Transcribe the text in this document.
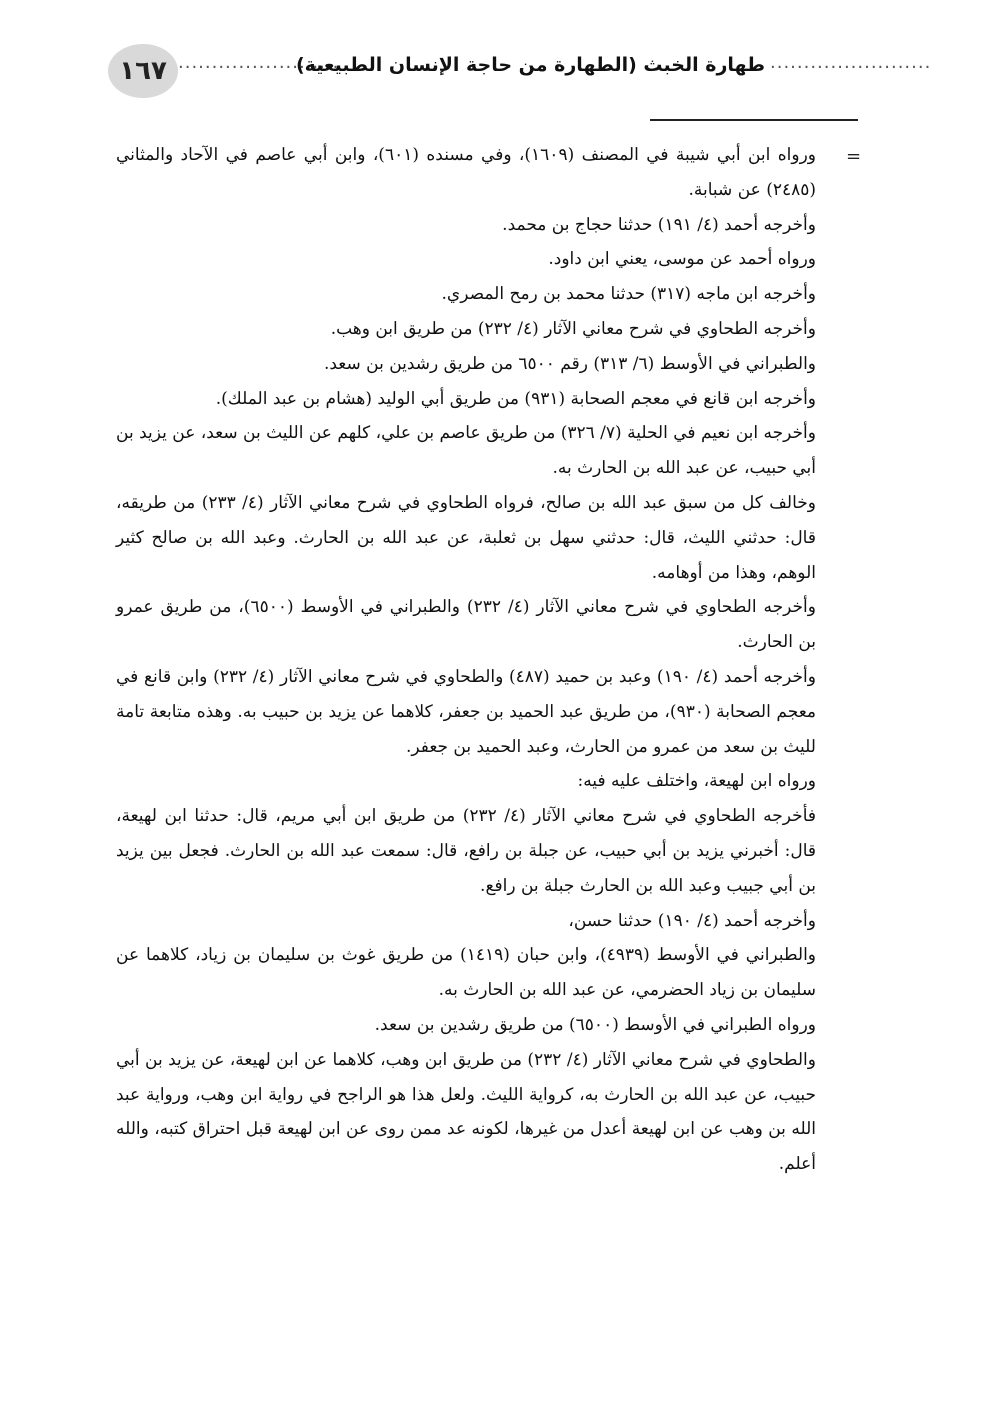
١٦٧ ........................
طهارة الخبث (الطهارة من حاجة الإنسان الطبيعية) ........................
=

ورواه ابن أبي شيبة في المصنف (١٦٠٩)، وفي مسنده (٦٠١)، وابن أبي عاصم في الآحاد والمثاني (٢٤٨٥) عن شبابة.

وأخرجه أحمد (٤/ ١٩١) حدثنا حجاج بن محمد.

ورواه أحمد عن موسى، يعني ابن داود.

وأخرجه ابن ماجه (٣١٧) حدثنا محمد بن رمح المصري.

وأخرجه الطحاوي في شرح معاني الآثار (٤/ ٢٣٢) من طريق ابن وهب.

والطبراني في الأوسط (٦/ ٣١٣) رقم ٦٥٠٠ من طريق رشدين بن سعد.

وأخرجه ابن قانع في معجم الصحابة (٩٣١) من طريق أبي الوليد (هشام بن عبد الملك).

وأخرجه ابن نعيم في الحلية (٧/ ٣٢٦) من طريق عاصم بن علي، كلهم عن الليث بن سعد، عن يزيد بن أبي حبيب، عن عبد الله بن الحارث به.

وخالف كل من سبق عبد الله بن صالح، فرواه الطحاوي في شرح معاني الآثار (٤/ ٢٣٣) من طريقه، قال: حدثني الليث، قال: حدثني سهل بن ثعلبة، عن عبد الله بن الحارث. وعبد الله بن صالح كثير الوهم، وهذا من أوهامه.

وأخرجه الطحاوي في شرح معاني الآثار (٤/ ٢٣٢) والطبراني في الأوسط (٦٥٠٠)، من طريق عمرو بن الحارث.

وأخرجه أحمد (٤/ ١٩٠) وعبد بن حميد (٤٨٧) والطحاوي في شرح معاني الآثار (٤/ ٢٣٢) وابن قانع في معجم الصحابة (٩٣٠)، من طريق عبد الحميد بن جعفر، كلاهما عن يزيد بن حبيب به. وهذه متابعة تامة لليث بن سعد من عمرو من الحارث، وعبد الحميد بن جعفر.

ورواه ابن لهيعة، واختلف عليه فيه:

فأخرجه الطحاوي في شرح معاني الآثار (٤/ ٢٣٢) من طريق ابن أبي مريم، قال: حدثنا ابن لهيعة، قال: أخبرني يزيد بن أبي حبيب، عن جبلة بن رافع، قال: سمعت عبد الله بن الحارث. فجعل بين يزيد بن أبي جبيب وعبد الله بن الحارث جبلة بن رافع.

وأخرجه أحمد (٤/ ١٩٠) حدثنا حسن،

والطبراني في الأوسط (٤٩٣٩)، وابن حبان (١٤١٩) من طريق غوث بن سليمان بن زياد، كلاهما عن سليمان بن زياد الحضرمي، عن عبد الله بن الحارث به.

ورواه الطبراني في الأوسط (٦٥٠٠) من طريق رشدين بن سعد.

والطحاوي في شرح معاني الآثار (٤/ ٢٣٢) من طريق ابن وهب، كلاهما عن ابن لهيعة، عن يزيد بن أبي حبيب، عن عبد الله بن الحارث به، كرواية الليث. ولعل هذا هو الراجح في رواية ابن وهب، ورواية عبد الله بن وهب عن ابن لهيعة أعدل من غيرها، لكونه عد ممن روى عن ابن لهيعة قبل احتراق كتبه، والله أعلم.
